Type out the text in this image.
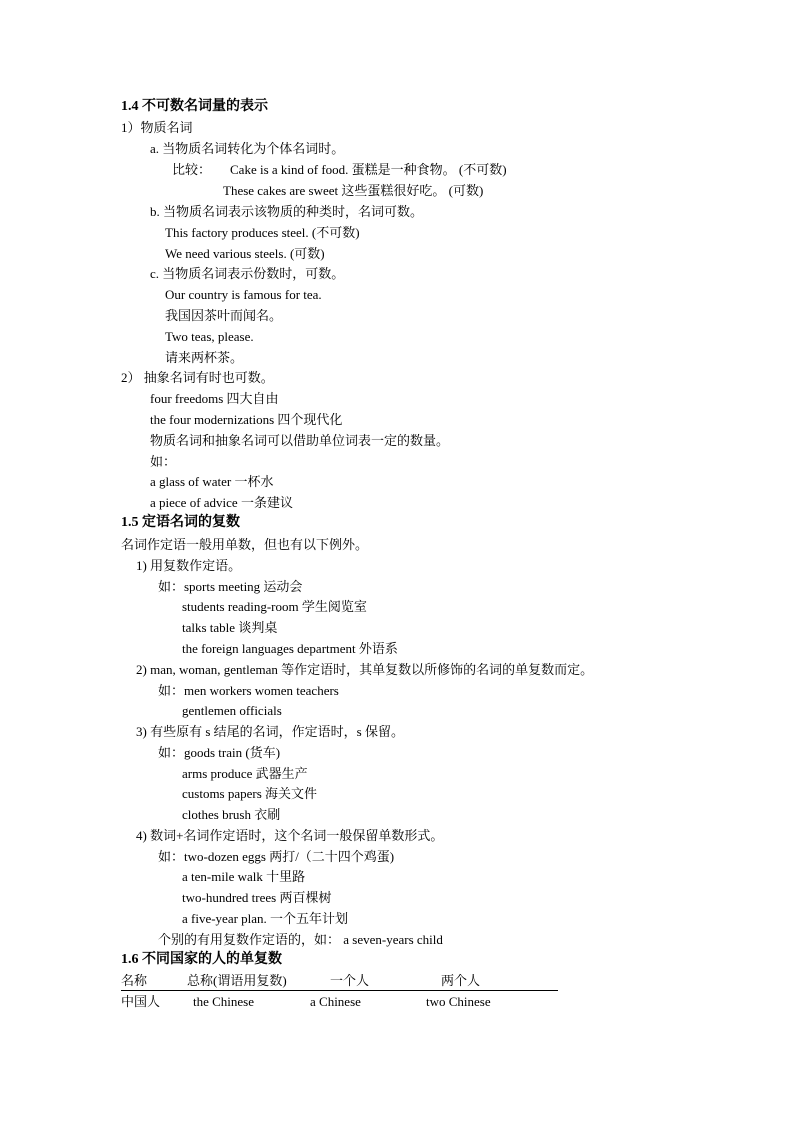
1.4 不可数名词量的表示
1）物质名词
a. 当物质名词转化为个体名词时。
比较： Cake is a kind of food. 蛋糕是一种食物。 (不可数)
These cakes are sweet 这些蛋糕很好吃。 (可数)
b. 当物质名词表示该物质的种类时，名词可数。
This factory produces steel. (不可数)
We need various steels. (可数)
c. 当物质名词表示份数时，可数。
Our country is famous for tea.
我国因茶叶而闻名。
Two teas, please.
请来两杯茶。
2） 抽象名词有时也可数。
four freedoms 四大自由
the four modernizations 四个现代化
物质名词和抽象名词可以借助单位词表一定的数量。
如：
a glass of water 一杯水
a piece of advice 一条建议
1.5 定语名词的复数
名词作定语一般用单数，但也有以下例外。
1) 用复数作定语。
如：sports meeting 运动会
students reading-room 学生阅览室
talks table 谈判桌
the foreign languages department 外语系
2) man, woman, gentleman 等作定语时，其单复数以所修饰的名词的单复数而定。
如：men workers women teachers
gentlemen officials
3) 有些原有 s 结尾的名词，作定语时，s 保留。
如：goods train (货车)
arms produce 武器生产
customs papers 海关文件
clothes brush 衣刷
4) 数词+名词作定语时，这个名词一般保留单数形式。
如：two-dozen eggs 两打/（二十四个鸡蛋)
a ten-mile walk 十里路
two-hundred trees 两百棵树
a five-year plan. 一个五年计划
个别的有用复数作定语的，如： a seven-years child
1.6 不同国家的人的单复数
名称	总称(谓语用复数)	一个人	两个人
中国人	the Chinese	a Chinese	two Chinese
